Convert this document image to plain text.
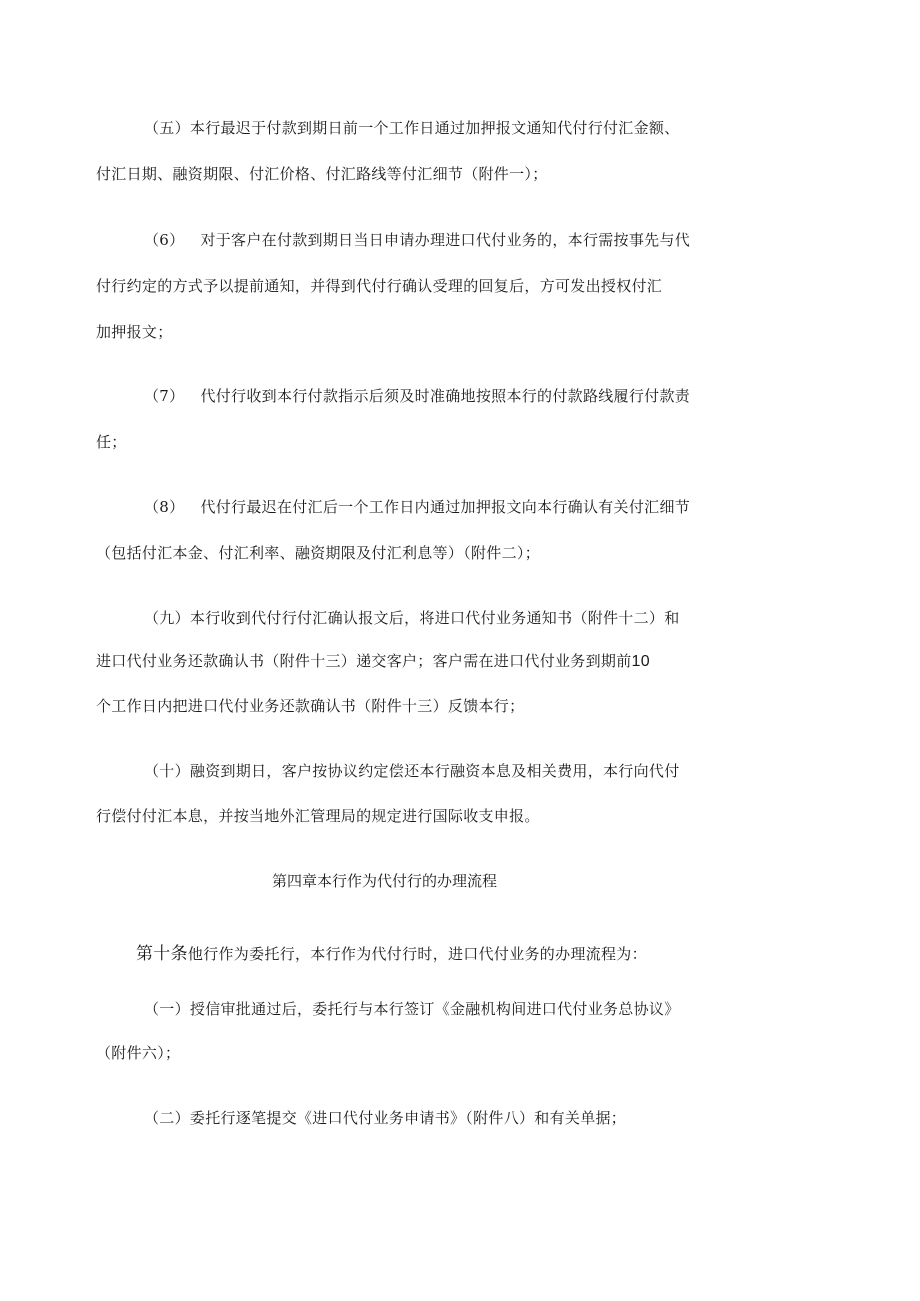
（五）本行最迟于付款到期日前一个工作日通过加押报文通知代付行付汇金额、
付汇日期、融资期限、付汇价格、付汇路线等付汇细节（附件一）；
（6） 对于客户在付款到期日当日申请办理进口代付业务的，本行需按事先与代
付行约定的方式予以提前通知，并得到代付行确认受理的回复后，方可发出授权付汇
加押报文；
（7） 代付行收到本行付款指示后须及时准确地按照本行的付款路线履行付款责
任；
（8） 代付行最迟在付汇后一个工作日内通过加押报文向本行确认有关付汇细节
（包括付汇本金、付汇利率、融资期限及付汇利息等）（附件二）；
（九）本行收到代付行付汇确认报文后，将进口代付业务通知书（附件十二）和
进口代付业务还款确认书（附件十三）递交客户；客户需在进口代付业务到期前10
个工作日内把进口代付业务还款确认书（附件十三）反馈本行；
（十）融资到期日，客户按协议约定偿还本行融资本息及相关费用，本行向代付
行偿付付汇本息，并按当地外汇管理局的规定进行国际收支申报。
第四章本行作为代付行的办理流程
第十条他行作为委托行，本行作为代付行时，进口代付业务的办理流程为：
（一）授信审批通过后，委托行与本行签订《金融机构间进口代付业务总协议》
（附件六）；
（二）委托行逐笔提交《进口代付业务申请书》（附件八）和有关单据；
